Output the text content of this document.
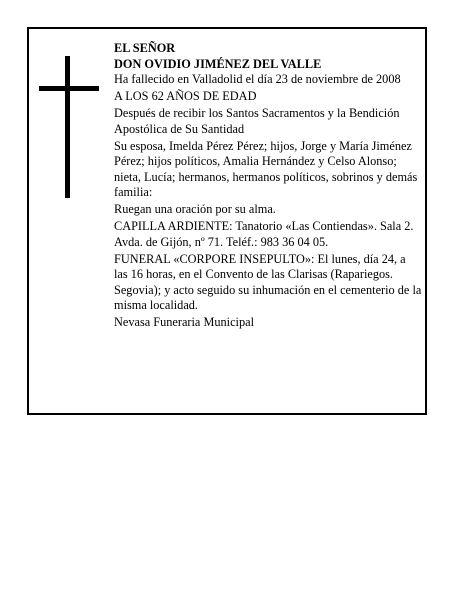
EL SEÑOR

DON OVIDIO JIMÉNEZ DEL VALLE

Ha fallecido en Valladolid el día 23 de noviembre de 2008

A LOS 62 AÑOS DE EDAD

Después de recibir los Santos Sacramentos y la Bendición Apostólica de Su Santidad

Su esposa, Imelda Pérez Pérez; hijos, Jorge y María Jiménez Pérez; hijos políticos, Amalia Hernández y Celso Alonso; nieta, Lucía; hermanos, hermanos políticos, sobrinos y demás familia:

Ruegan una oración por su alma.

CAPILLA ARDIENTE: Tanatorio «Las Contiendas». Sala 2. Avda. de Gijón, nº 71. Teléf.: 983 36 04 05.

FUNERAL «CORPORE INSEPULTO»: El lunes, día 24, a las 16 horas, en el Convento de las Clarisas (Rapariegos. Segovia); y acto seguido su inhumación en el cementerio de la misma localidad.

Nevasa Funeraria Municipal
